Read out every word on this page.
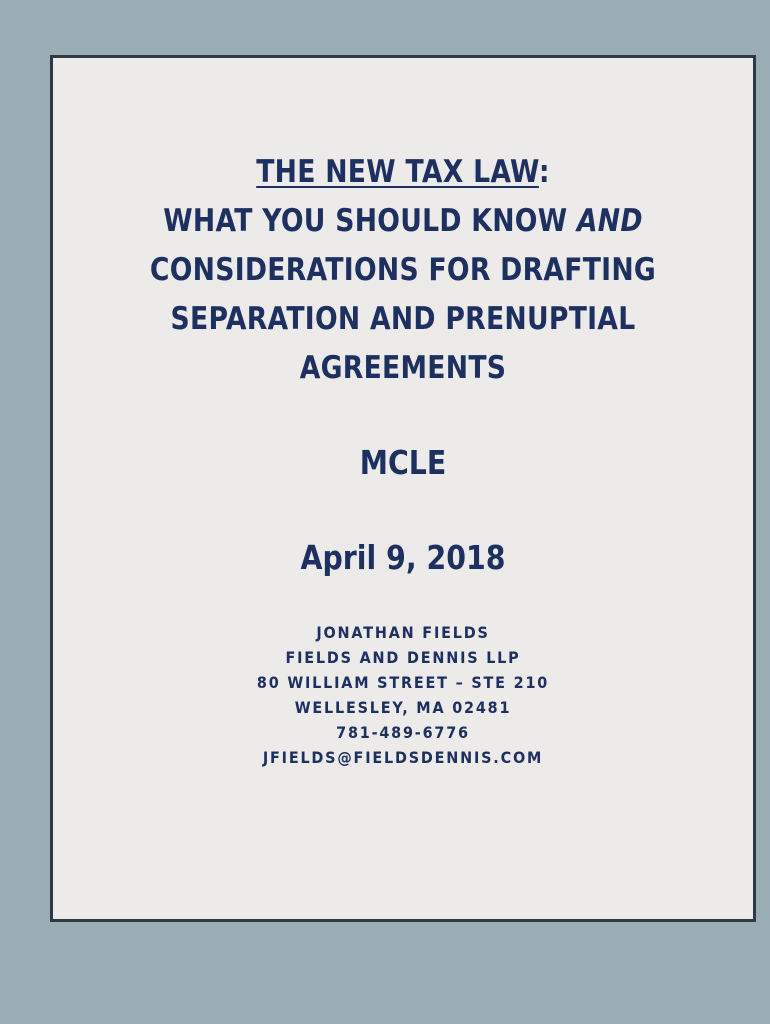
THE NEW TAX LAW:
WHAT YOU SHOULD KNOW AND
CONSIDERATIONS FOR DRAFTING
SEPARATION AND PRENUPTIAL
AGREEMENTS
MCLE
April 9, 2018
JONATHAN FIELDS
FIELDS AND DENNIS LLP
80 WILLIAM STREET – STE 210
WELLESLEY, MA 02481
781-489-6776
JFIELDS@FIELDSDENNIS.COM
